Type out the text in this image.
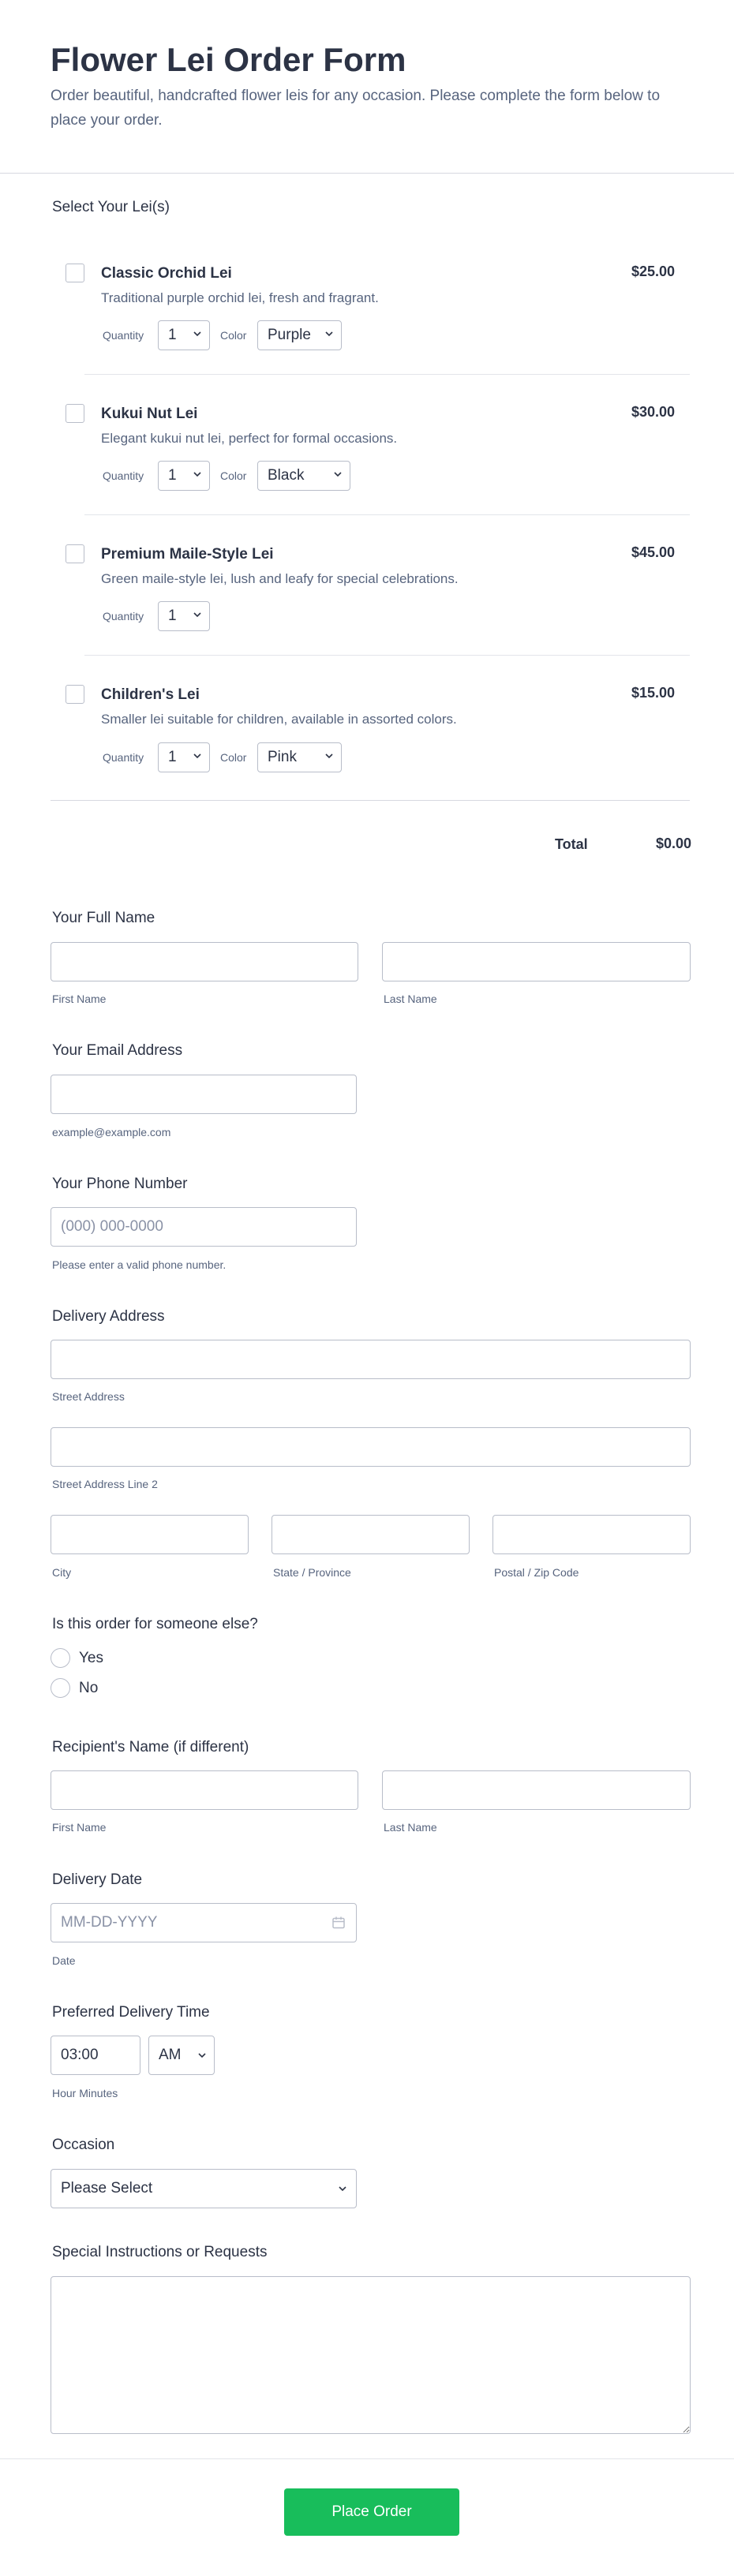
Flower Lei Order Form
Order beautiful, handcrafted flower leis for any occasion. Please complete the form below to place your order.
Select Your Lei(s)
Classic Orchid Lei	$25.00
Traditional purple orchid lei, fresh and fragrant.
Quantity	1	Color	Purple
Kukui Nut Lei	$30.00
Elegant kukui nut lei, perfect for formal occasions.
Quantity	1	Color	Black
Premium Maile-Style Lei	$45.00
Green maile-style lei, lush and leafy for special celebrations.
Quantity	1
Children's Lei	$15.00
Smaller lei suitable for children, available in assorted colors.
Quantity	1	Color	Pink
Total	$0.00
Your Full Name
First Name	Last Name
Your Email Address
example@example.com
Your Phone Number
(000) 000-0000
Please enter a valid phone number.
Delivery Address
Street Address
Street Address Line 2
City	State / Province	Postal / Zip Code
Is this order for someone else?
Yes
No
Recipient's Name (if different)
First Name	Last Name
Delivery Date
MM-DD-YYYY
Date
Preferred Delivery Time
03:00	AM
Hour Minutes
Occasion
Please Select
Special Instructions or Requests
Place Order
